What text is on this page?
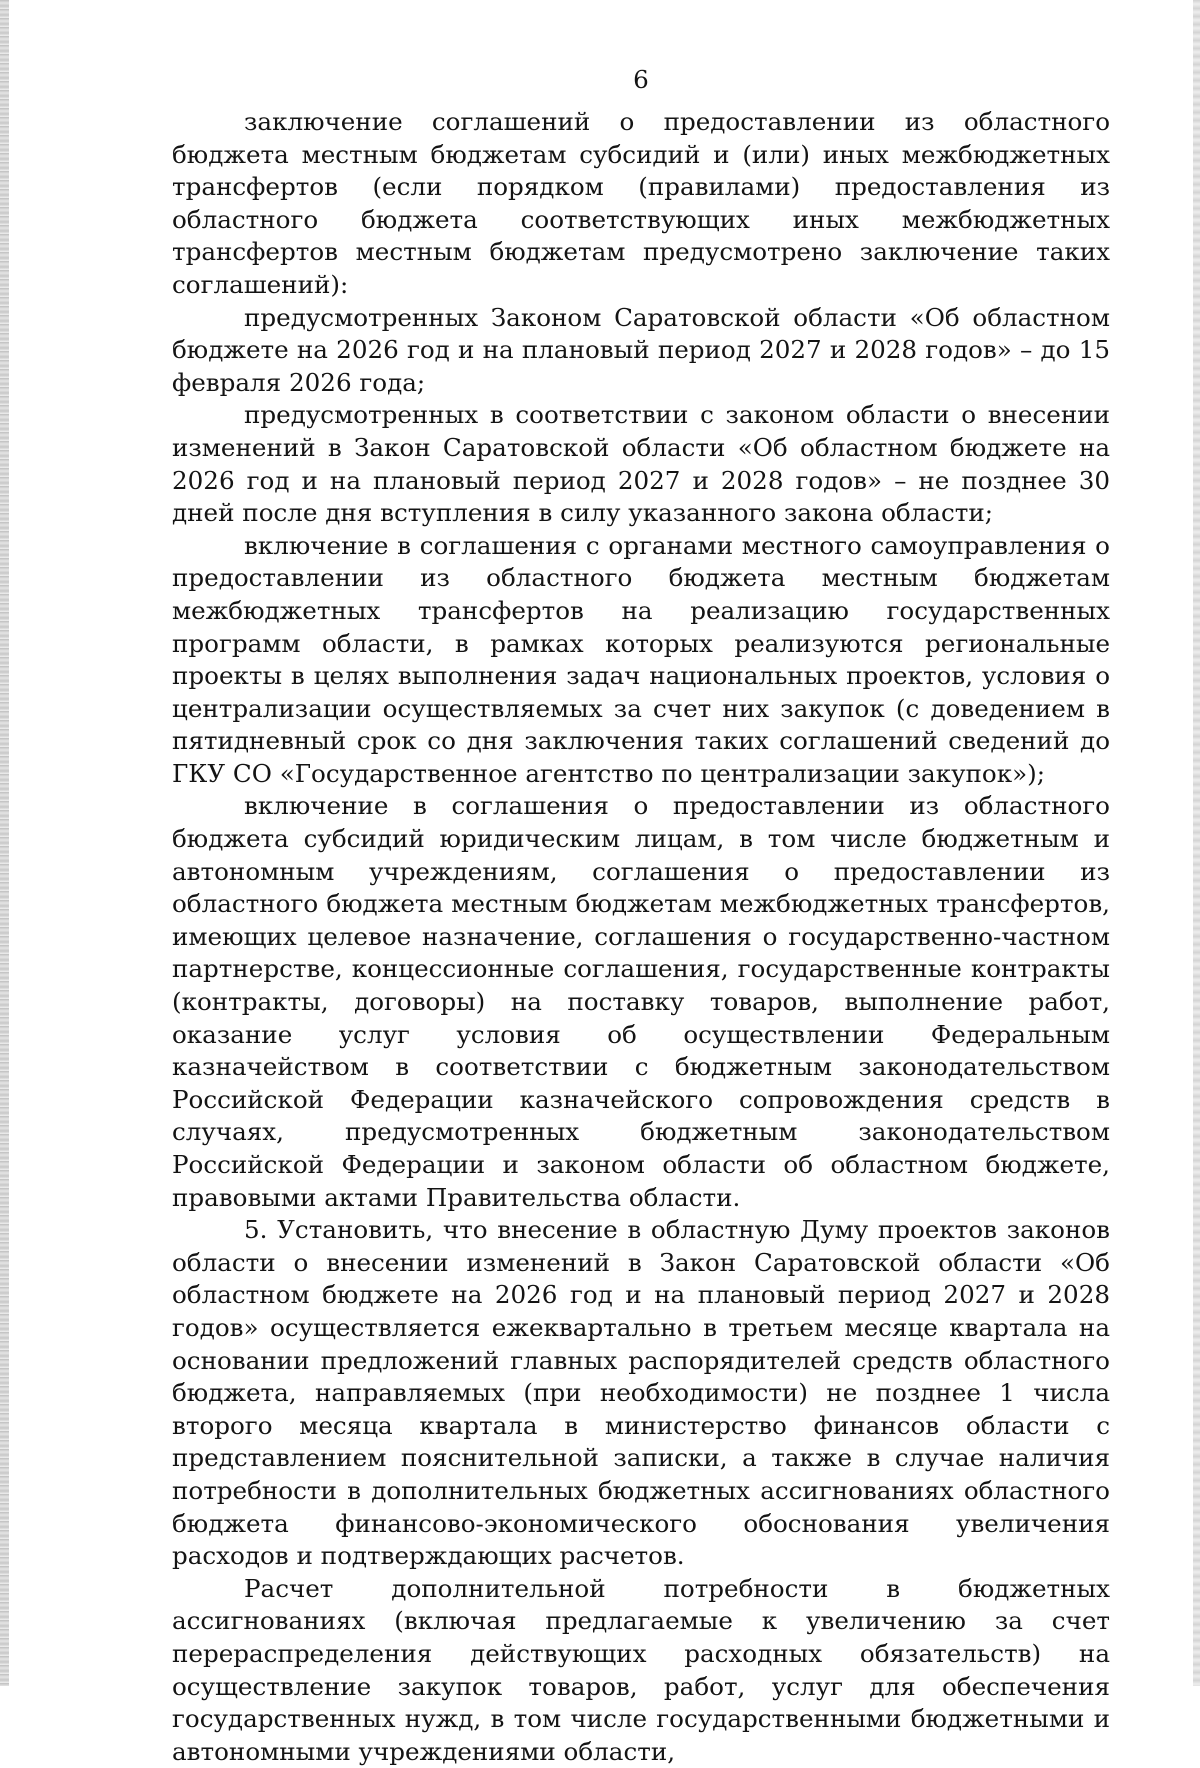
6

заключение соглашений о предоставлении из областного бюджета местным бюджетам субсидий и (или) иных межбюджетных трансфертов (если порядком (правилами) предоставления из областного бюджета соответствующих иных межбюджетных трансфертов местным бюджетам предусмотрено заключение таких соглашений):

предусмотренных Законом Саратовской области «Об областном бюджете на 2026 год и на плановый период 2027 и 2028 годов» – до 15 февраля 2026 года;

предусмотренных в соответствии с законом области о внесении изменений в Закон Саратовской области «Об областном бюджете на 2026 год и на плановый период 2027 и 2028 годов» – не позднее 30 дней после дня вступления в силу указанного закона области;

включение в соглашения с органами местного самоуправления о предоставлении из областного бюджета местным бюджетам межбюджетных трансфертов на реализацию государственных программ области, в рамках которых реализуются региональные проекты в целях выполнения задач национальных проектов, условия о централизации осуществляемых за счет них закупок (с доведением в пятидневный срок со дня заключения таких соглашений сведений до ГКУ СО «Государственное агентство по централизации закупок»);

включение в соглашения о предоставлении из областного бюджета субсидий юридическим лицам, в том числе бюджетным и автономным учреждениям, соглашения о предоставлении из областного бюджета местным бюджетам межбюджетных трансфертов, имеющих целевое назначение, соглашения о государственно-частном партнерстве, концессионные соглашения, государственные контракты (контракты, договоры) на поставку товаров, выполнение работ, оказание услуг условия об осуществлении Федеральным казначейством в соответствии с бюджетным законодательством Российской Федерации казначейского сопровождения средств в случаях, предусмотренных бюджетным законодательством Российской Федерации и законом области об областном бюджете, правовыми актами Правительства области.

5. Установить, что внесение в областную Думу проектов законов области о внесении изменений в Закон Саратовской области «Об областном бюджете на 2026 год и на плановый период 2027 и 2028 годов» осуществляется ежеквартально в третьем месяце квартала на основании предложений главных распорядителей средств областного бюджета, направляемых (при необходимости) не позднее 1 числа второго месяца квартала в министерство финансов области с представлением пояснительной записки, а также в случае наличия потребности в дополнительных бюджетных ассигнованиях областного бюджета финансово-экономического обоснования увеличения расходов и подтверждающих расчетов.

Расчет дополнительной потребности в бюджетных ассигнованиях (включая предлагаемые к увеличению за счет перераспределения действующих расходных обязательств) на осуществление закупок товаров, работ, услуг для обеспечения государственных нужд, в том числе государственными бюджетными и автономными учреждениями области,
